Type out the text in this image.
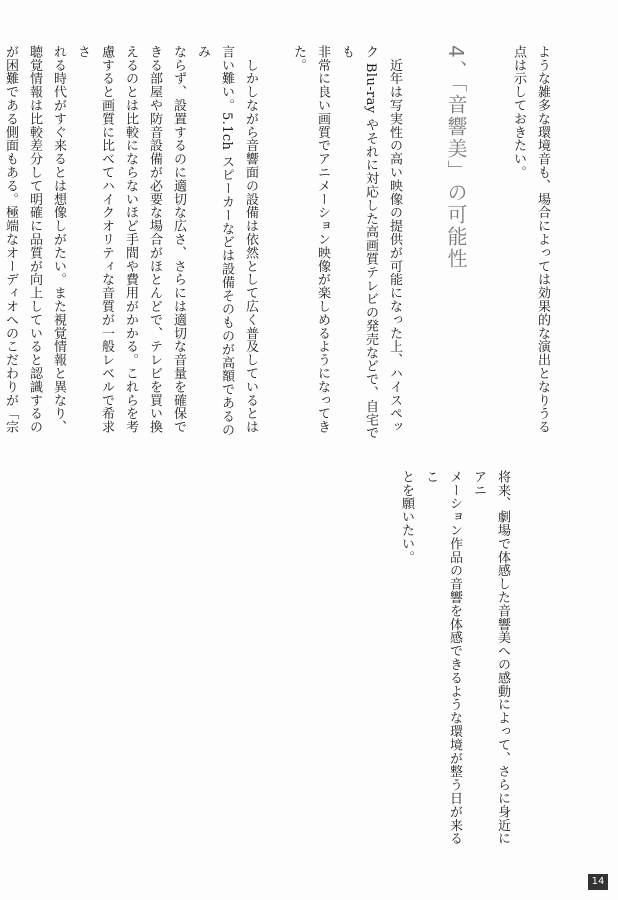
ような雑多な環境音も、場合によっては効果的な演出となりうる
点は示しておきたい。

4、「音響美」の可能性

　近年は写実性の高い映像の提供が可能になった上、ハイスペッ
ク Blu-ray やそれに対応した高画質テレビの発売などで、自宅でも
非常に良い画質でアニメーション映像が楽しめるようになってき
た。

　しかしながら音響面の設備は依然として広く普及しているとは
言い難い。5.1ch スピーカーなどは設備そのものが高額であるのみ
ならず、設置するのに適切な広さ、さらには適切な音量を確保で
きる部屋や防音設備が必要な場合がほとんどで、テレビを買い換
えるのとは比較にならないほど手間や費用がかかる。これらを考
慮すると画質に比べてハイクオリティな音質が一般レベルで希求さ
れる時代がすぐ来るとは想像しがたい。また視覚情報と異なり、
聴覚情報は比較差分して明確に品質が向上していると認識するの
が困難である側面もある。極端なオーディオへのこだわりが「宗

将来、劇場で体感した音響美への感動によって、さらに身近にアニ
メーション作品の音響を体感できるような環境が整う日が来るこ
とを願いたい。

14
